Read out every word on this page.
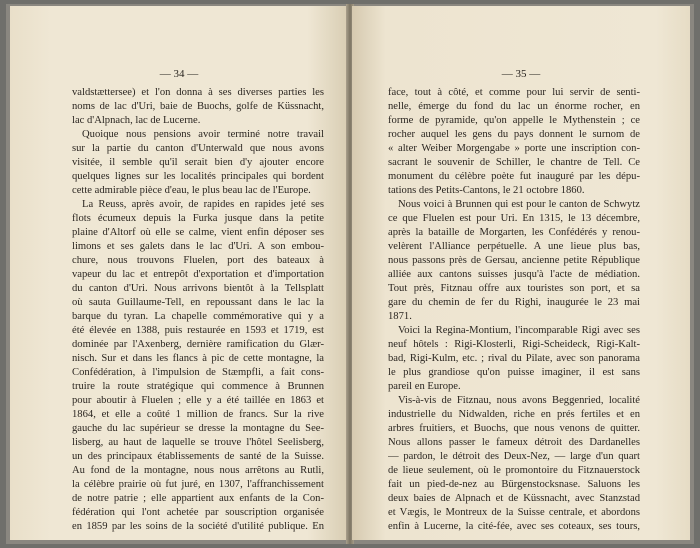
— 34 —
valdstættersee) et l'on donna à ses diverses parties les
noms de lac d'Uri, baie de Buochs, golfe de Küssnacht,
lac d'Alpnach, lac de Lucerne.
Quoique nous pensions avoir terminé notre travail
sur la partie du canton d'Unterwald que nous avons
visitée, il semble qu'il serait bien d'y ajouter encore
quelques lignes sur les localités principales qui bordent
cette admirable pièce d'eau, le plus beau lac de l'Europe.
La Reuss, après avoir, de rapides en rapides jeté ses
flots écumeux depuis la Furka jusque dans la petite
plaine d'Altorf où elle se calme, vient enfin déposer ses
limons et ses galets dans le lac d'Uri. A son embou-
chure, nous trouvons Fluelen, port des bateaux à
vapeur du lac et entrepôt d'exportation et d'importation
du canton d'Uri. Nous arrivons bientôt à la Tellsplatt
où sauta Guillaume-Tell, en repoussant dans le lac la
barque du tyran. La chapelle commémorative qui y a
été élevée en 1388, puis restaurée en 1593 et 1719, est
dominée par l'Axenberg, dernière ramification du Glær-
nisch. Sur et dans les flancs à pic de cette montagne, la
Confédération, à l'impulsion de Stæmpfli, a fait cons-
truire la route stratégique qui commence à Brunnen
pour aboutir à Fluelen ; elle y a été taillée en 1863 et
1864, et elle a coûté 1 million de francs. Sur la rive
gauche du lac supérieur se dresse la montagne du See-
lisberg, au haut de laquelle se trouve l'hôtel Seelisberg,
un des principaux établissements de santé de la Suisse.
Au fond de la montagne, nous nous arrêtons au Rutli,
la célèbre prairie où fut juré, en 1307, l'affranchissement
de notre patrie ; elle appartient aux enfants de la Con-
fédération qui l'ont achetée par souscription organisée
en 1859 par les soins de la société d'utilité publique. En
— 35 —
face, tout à côté, et comme pour lui servir de senti-
nelle, émerge du fond du lac un énorme rocher, en
forme de pyramide, qu'on appelle le Mythenstein ; ce
rocher auquel les gens du pays donnent le surnom de
« alter Weiber Morgengabe » porte une inscription con-
sacrant le souvenir de Schiller, le chantre de Tell. Ce
monument du célèbre poète fut inauguré par les dépu-
tations des Petits-Cantons, le 21 octobre 1860.
Nous voici à Brunnen qui est pour le canton de Schwytz
ce que Fluelen est pour Uri. En 1315, le 13 décembre,
après la bataille de Morgarten, les Confédérés y renou-
velèrent l'Alliance perpétuelle. A une lieue plus bas,
nous passons près de Gersau, ancienne petite République
alliée aux cantons suisses jusqu'à l'acte de médiation.
Tout près, Fitznau offre aux touristes son port, et sa
gare du chemin de fer du Righi, inaugurée le 23 mai
1871.
Voici la Regina-Montium, l'incomparable Rigi avec ses
neuf hôtels : Rigi-Klosterli, Rigi-Scheideck, Rigi-Kalt-
bad, Rigi-Kulm, etc. ; rival du Pilate, avec son panorama
le plus grandiose qu'on puisse imaginer, il est sans
pareil en Europe.
Vis-à-vis de Fitznau, nous avons Beggenried, localité
industrielle du Nidwalden, riche en prés fertiles et en
arbres fruitiers, et Buochs, que nous venons de quitter.
Nous allons passer le fameux détroit des Dardanelles
— pardon, le détroit des Deux-Nez, — large d'un quart
de lieue seulement, où le promontoire du Fitznauerstock
fait un pied-de-nez au Bürgenstocksnase. Saluons les
deux baies de Alpnach et de Küssnacht, avec Stanzstad
et Vægis, le Montreux de la Suisse centrale, et abordons
enfin à Lucerne, la cité-fée, avec ses coteaux, ses tours,
